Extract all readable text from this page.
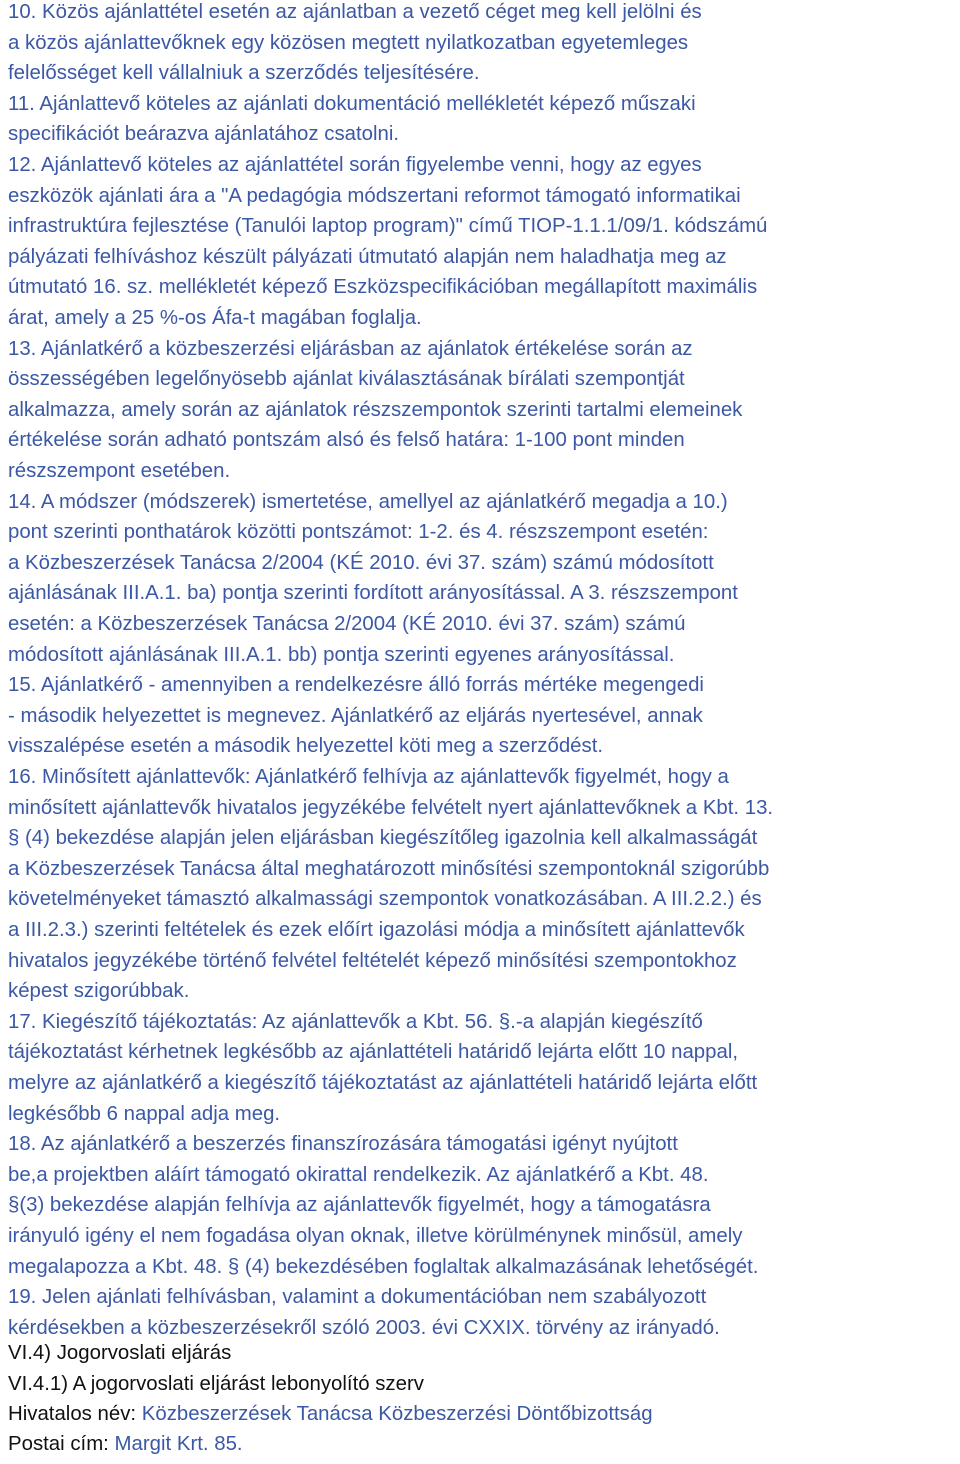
10. Közös ajánlattétel esetén az ajánlatban a vezető céget meg kell jelölni és
a közös ajánlattevőknek egy közösen megtett nyilatkozatban egyetemleges
felelősséget kell vállalniuk a szerződés teljesítésére.
11. Ajánlattevő köteles az ajánlati dokumentáció mellékletét képező műszaki
specifikációt beárazva ajánlatához csatolni.
12. Ajánlattevő köteles az ajánlattétel során figyelembe venni, hogy az egyes
eszközök ajánlati ára a "A pedagógia módszertani reformot támogató informatikai
infrastruktúra fejlesztése (Tanulói laptop program)" című TIOP-1.1.1/09/1. kódszámú
pályázati felhíváshoz készült pályázati útmutató alapján nem haladhatja meg az
útmutató 16. sz. mellékletét képező Eszközspecifikációban megállapított maximális
árat, amely a 25 %-os Áfa-t magában foglalja.
13. Ajánlatkérő a közbeszerzési eljárásban az ajánlatok értékelése során az
összességében legelőnyösebb ajánlat kiválasztásának bírálati szempontját
alkalmazza, amely során az ajánlatok részszempontok szerinti tartalmi elemeinek
értékelése során adható pontszám alsó és felső határa: 1-100 pont minden
részszempont esetében.
14. A módszer (módszerek) ismertetése, amellyel az ajánlatkérő megadja a 10.)
pont szerinti ponthatárok közötti pontszámot: 1-2. és 4. részszempont esetén:
a Közbeszerzések Tanácsa 2/2004 (KÉ 2010. évi 37. szám) számú módosított
ajánlásának III.A.1. ba) pontja szerinti fordított arányosítással. A 3. részszempont
esetén: a Közbeszerzések Tanácsa 2/2004 (KÉ 2010. évi 37. szám) számú
módosított ajánlásának III.A.1. bb) pontja szerinti egyenes arányosítással.
15. Ajánlatkérő - amennyiben a rendelkezésre álló forrás mértéke megengedi
- második helyezettet is megnevez. Ajánlatkérő az eljárás nyertesével, annak
visszalépése esetén a második helyezettel köti meg a szerződést.
16. Minősített ajánlattevők: Ajánlatkérő felhívja az ajánlattevők figyelmét, hogy a
minősített ajánlattevők hivatalos jegyzékébe felvételt nyert ajánlattevőknek a Kbt. 13.
§ (4) bekezdése alapján jelen eljárásban kiegészítőleg igazolnia kell alkalmasságát
a Közbeszerzések Tanácsa által meghatározott minősítési szempontoknál szigorúbb
követelményeket támasztó alkalmassági szempontok vonatkozásában. A III.2.2.) és
a III.2.3.) szerinti feltételek és ezek előírt igazolási módja a minősített ajánlattevők
hivatalos jegyzékébe történő felvétel feltételét képező minősítési szempontokhoz
képest szigorúbbak.
17. Kiegészítő tájékoztatás: Az ajánlattevők a Kbt. 56. §.-a alapján kiegészítő
tájékoztatást kérhetnek legkésőbb az ajánlattételi határidő lejárta előtt 10 nappal,
melyre az ajánlatkérő a kiegészítő tájékoztatást az ajánlattételi határidő lejárta előtt
legkésőbb 6 nappal adja meg.
18. Az ajánlatkérő a beszerzés finanszírozására támogatási igényt nyújtott
be,a projektben aláírt támogató okirattal rendelkezik. Az ajánlatkérő a Kbt. 48.
§(3) bekezdése alapján felhívja az ajánlattevők figyelmét, hogy a támogatásra
irányuló igény el nem fogadása olyan oknak, illetve körülménynek minősül, amely
megalapozza a Kbt. 48. § (4) bekezdésében foglaltak alkalmazásának lehetőségét.
19. Jelen ajánlati felhívásban, valamint a dokumentációban nem szabályozott
kérdésekben a közbeszerzésekről szóló 2003. évi CXXIX. törvény az irányadó.
VI.4) Jogorvoslati eljárás
VI.4.1) A jogorvoslati eljárást lebonyolító szerv
Hivatalos név: Közbeszerzések Tanácsa Közbeszerzési Döntőbizottság
Postai cím: Margit Krt. 85.
